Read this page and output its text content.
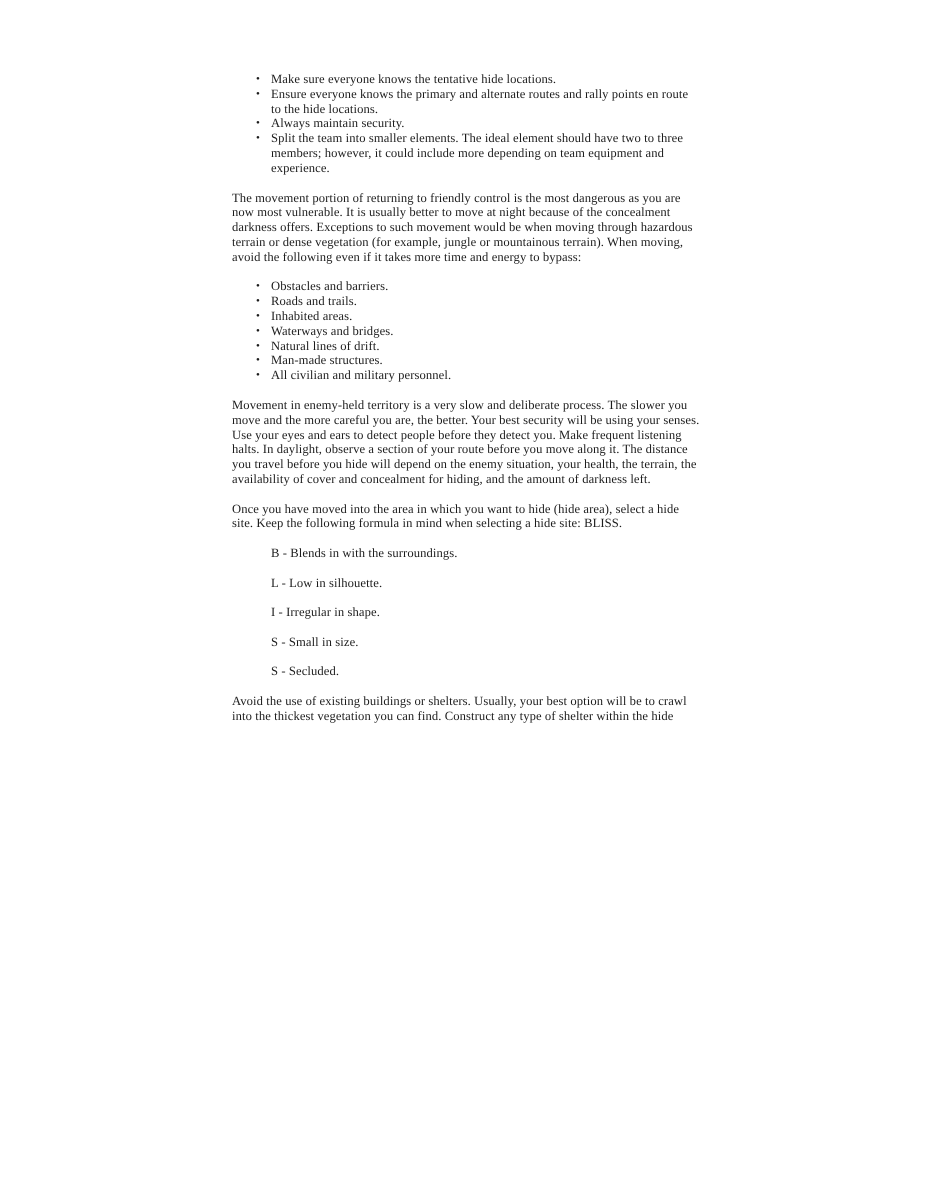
• Make sure everyone knows the tentative hide locations.
• Ensure everyone knows the primary and alternate routes and rally points en route to the hide locations.
• Always maintain security.
• Split the team into smaller elements. The ideal element should have two to three members; however, it could include more depending on team equipment and experience.

The movement portion of returning to friendly control is the most dangerous as you are now most vulnerable. It is usually better to move at night because of the concealment darkness offers. Exceptions to such movement would be when moving through hazardous terrain or dense vegetation (for example, jungle or mountainous terrain). When moving, avoid the following even if it takes more time and energy to bypass:

• Obstacles and barriers.
• Roads and trails.
• Inhabited areas.
• Waterways and bridges.
• Natural lines of drift.
• Man-made structures.
• All civilian and military personnel.

Movement in enemy-held territory is a very slow and deliberate process. The slower you move and the more careful you are, the better. Your best security will be using your senses. Use your eyes and ears to detect people before they detect you. Make frequent listening halts. In daylight, observe a section of your route before you move along it. The distance you travel before you hide will depend on the enemy situation, your health, the terrain, the availability of cover and concealment for hiding, and the amount of darkness left.

Once you have moved into the area in which you want to hide (hide area), select a hide site. Keep the following formula in mind when selecting a hide site: BLISS.

B - Blends in with the surroundings.
L - Low in silhouette.
I - Irregular in shape.
S - Small in size.
S - Secluded.

Avoid the use of existing buildings or shelters. Usually, your best option will be to crawl into the thickest vegetation you can find. Construct any type of shelter within the hide
